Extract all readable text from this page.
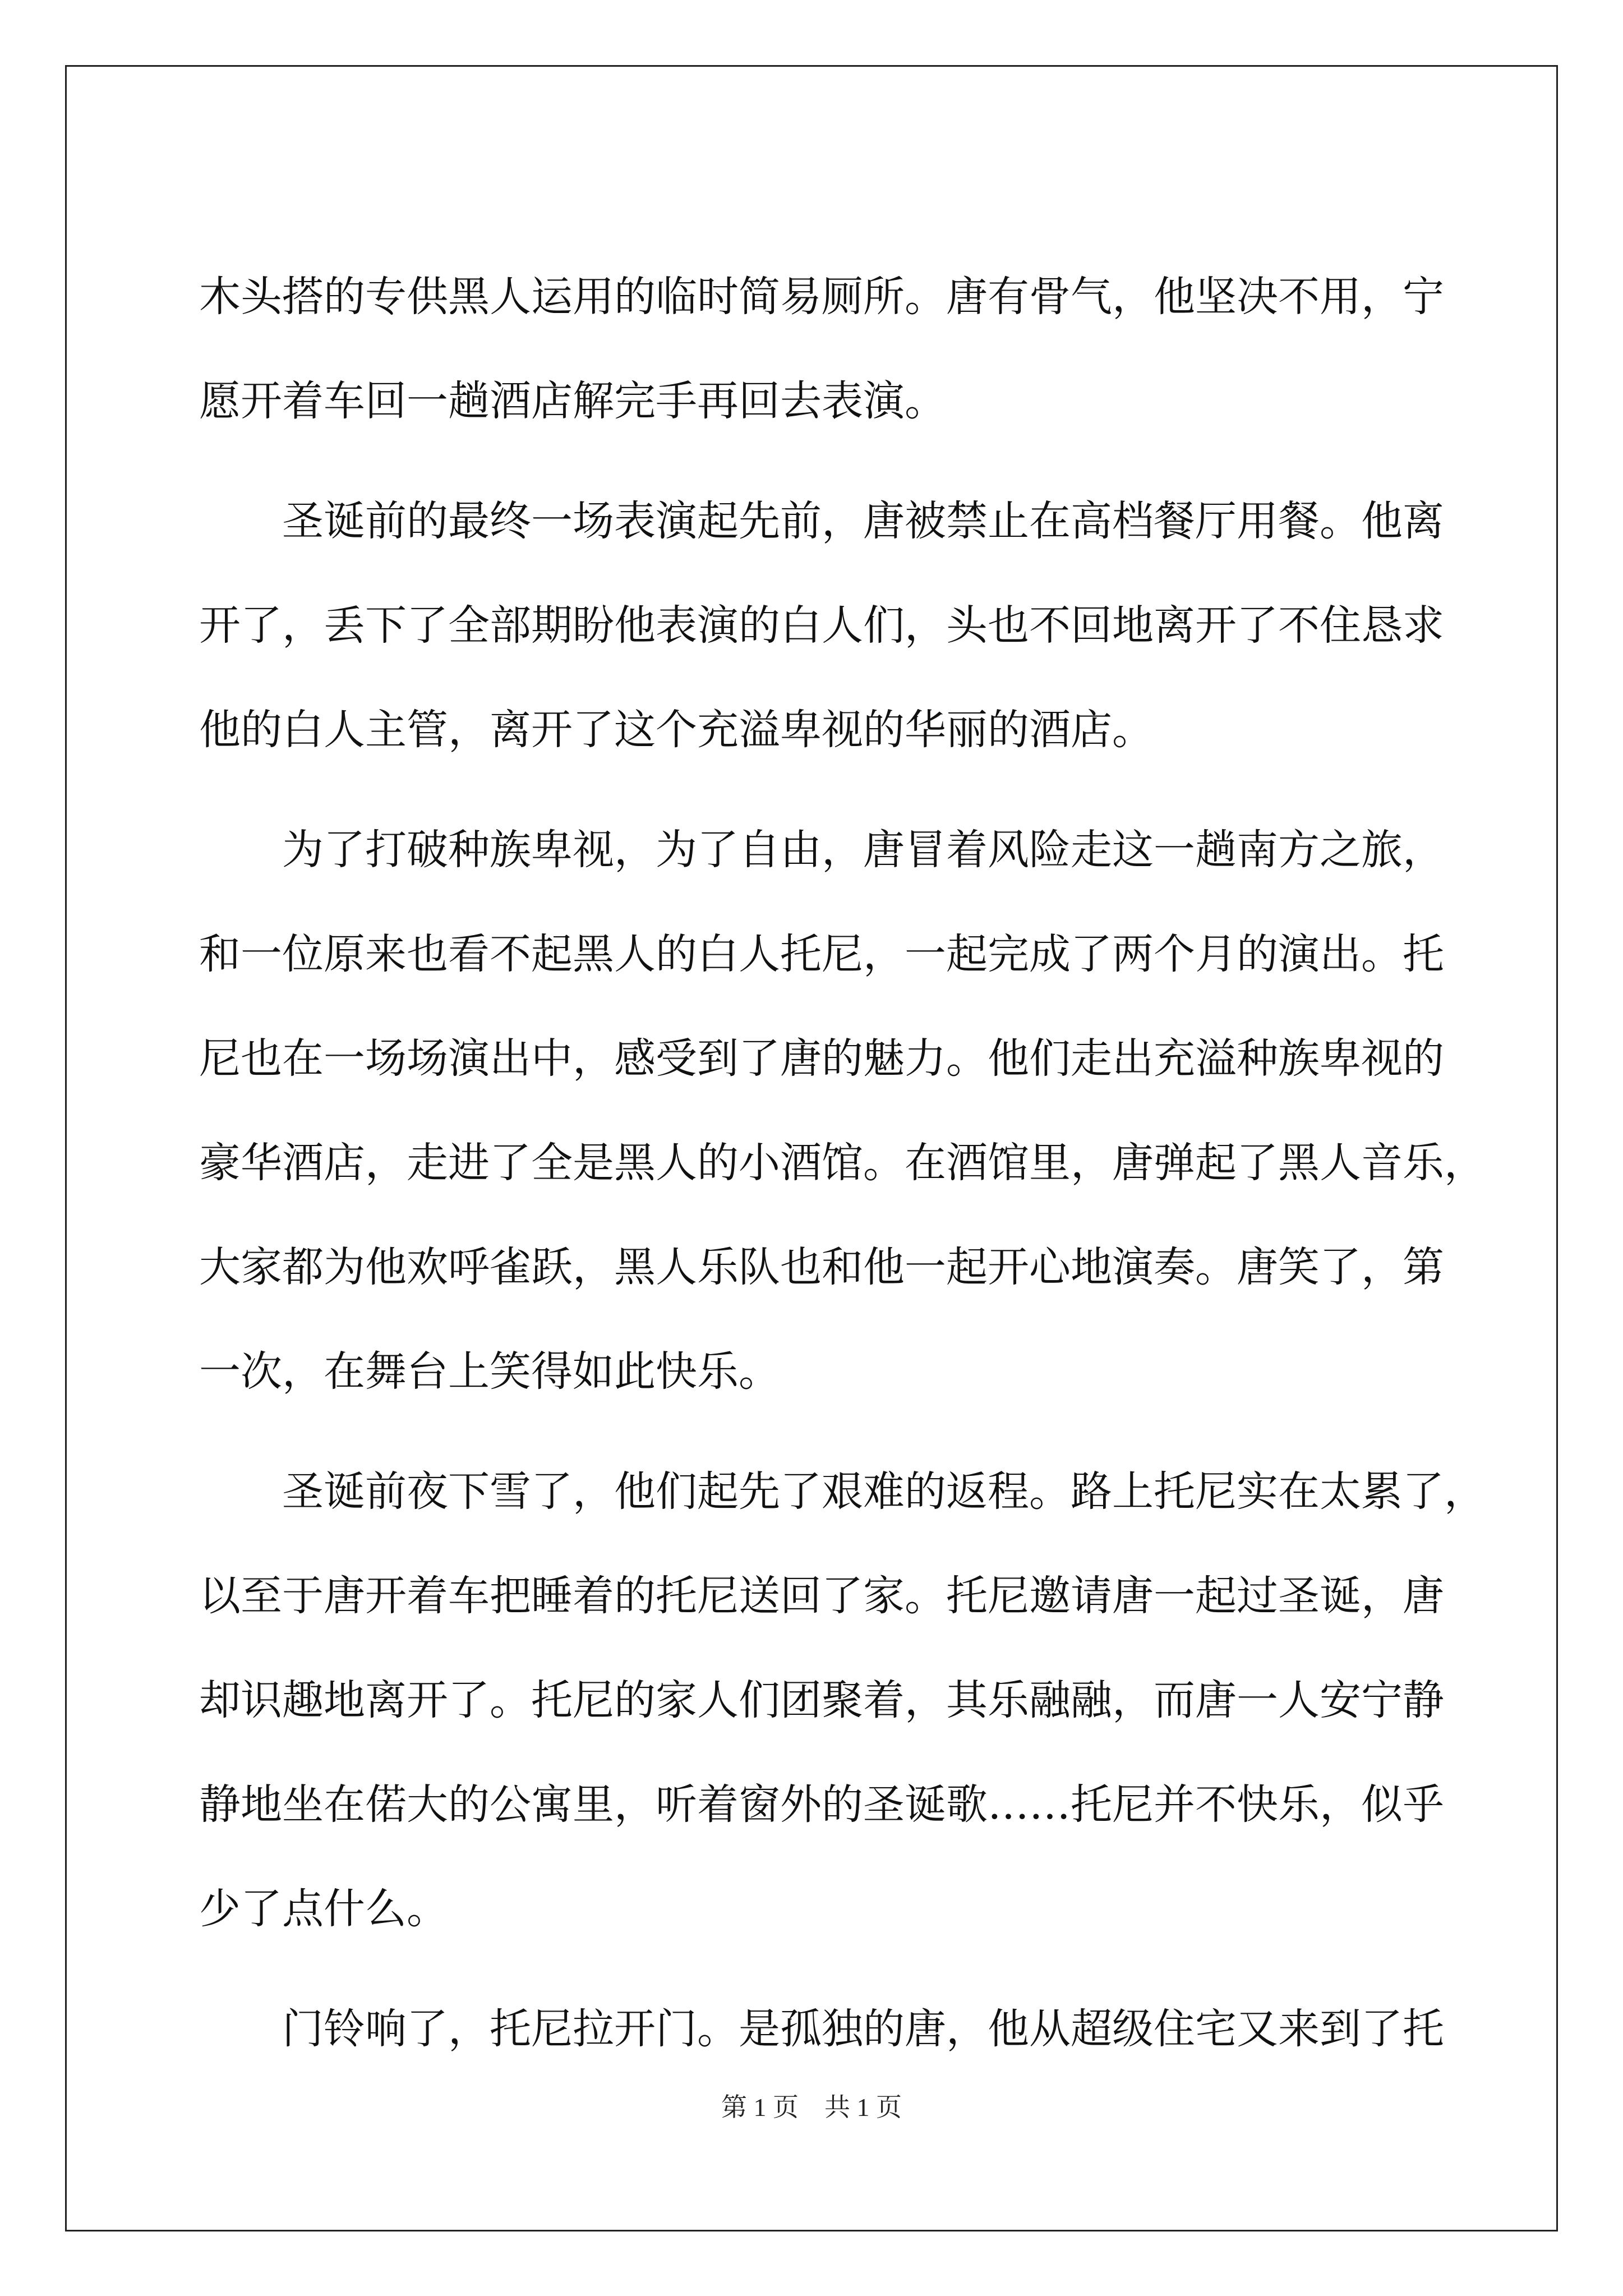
木 头 搭 的 专 供 黑 人 运 用 的 临 时 简 易 厕 所 。 唐 有 骨 气 ， 他 坚 决 不 用 ， 宁
愿开着车回一趟酒店解完手再回去表演。
圣 诞 前 的 最 终 一 场 表 演 起 先 前 ， 唐 被 禁 止 在 高 档 餐 厅 用 餐 。 他 离
开 了 ， 丢 下 了 全 部 期 盼 他 表 演 的 白 人 们 ， 头 也 不 回 地 离 开 了 不 住 恳 求
他的白人主管，离开了这个充溢卑视的华丽的酒店。
为 了 打 破 种 族 卑 视 ， 为 了 自 由 ， 唐 冒 着 风 险 走 这 一 趟 南 方 之 旅 ，
和 一 位 原 来 也 看 不 起 黑 人 的 白 人 托 尼 ， 一 起 完 成 了 两 个 月 的 演 出 。 托
尼 也 在 一 场 场 演 出 中 ， 感 受 到 了 唐 的 魅 力 。 他 们 走 出 充 溢 种 族 卑 视 的
豪 华 酒 店 ， 走 进 了 全 是 黑 人 的 小 酒 馆 。 在 酒 馆 里 ， 唐 弹 起 了 黑 人 音 乐 ，
大 家 都 为 他 欢 呼 雀 跃 ， 黑 人 乐 队 也 和 他 一 起 开 心 地 演 奏 。 唐 笑 了 ， 第
一次，在舞台上笑得如此快乐。
圣 诞 前 夜 下 雪 了 ， 他 们 起 先 了 艰 难 的 返 程 。 路 上 托 尼 实 在 太 累 了 ，
以 至 于 唐 开 着 车 把 睡 着 的 托 尼 送 回 了 家 。 托 尼 邀 请 唐 一 起 过 圣 诞 ， 唐
却 识 趣 地 离 开 了 。 托 尼 的 家 人 们 团 聚 着 ， 其 乐 融 融 ， 而 唐 一 人 安 宁 静
静 地 坐 在 偌 大 的 公 寓 里 ， 听 着 窗 外 的 圣 诞 歌 … … 托 尼 并 不 快 乐 ， 似 乎
少了点什么。
门 铃 响 了 ， 托 尼 拉 开 门 。 是 孤 独 的 唐 ， 他 从 超 级 住 宅 又 来 到 了 托
第 1 页　共 1 页
